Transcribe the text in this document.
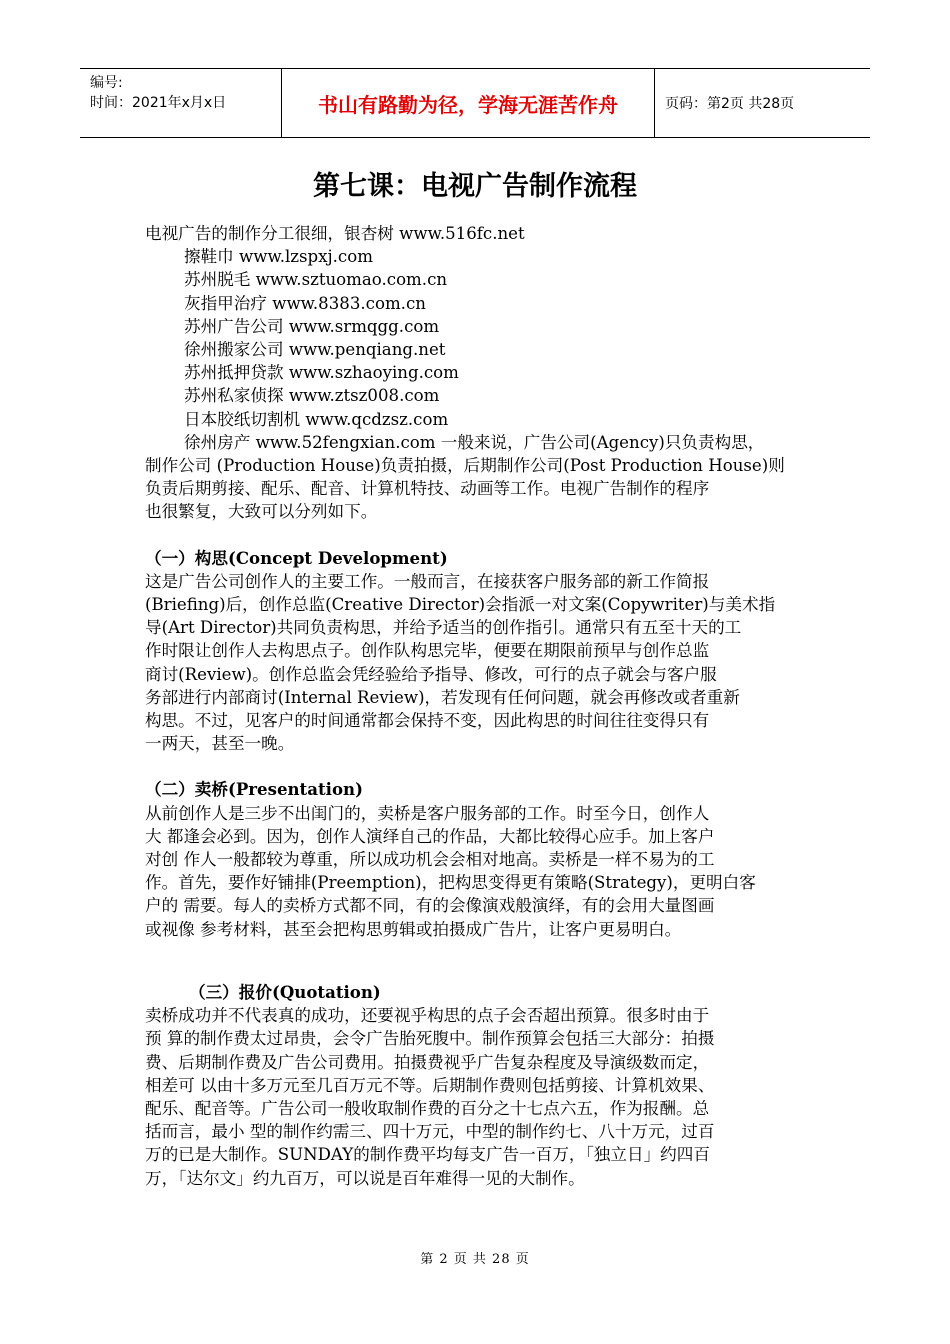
编号:
时间：2021年x月x日	书山有路勤为径，学海无涯苦作舟	页码：第2页 共28页
第七课：电视广告制作流程

电视广告的制作分工很细，银杏树 www.516fc.net

擦鞋巾 www.lzspxj.com

苏州脱毛 www.sztuomao.com.cn

灰指甲治疗 www.8383.com.cn

苏州广告公司 www.srmqgg.com

徐州搬家公司 www.penqiang.net

苏州抵押贷款 www.szhaoying.com

苏州私家侦探 www.ztsz008.com

日本胶纸切割机 www.qcdzsz.com

徐州房产 www.52fengxian.com 一般来说，广告公司(Agency)只负责构思，

制作公司 (Production House)负责拍摄，后期制作公司(Post Production House)则

负责后期剪接、配乐、配音、计算机特技、动画等工作。电视广告制作的程序

也很繁复，大致可以分列如下。

（一）构思(Concept Development)

这是广告公司创作人的主要工作。一般而言，在接获客户服务部的新工作简报

(Briefing)后，创作总监(Creative Director)会指派一对文案(Copywriter)与美术指

导(Art Director)共同负责构思，并给予适当的创作指引。通常只有五至十天的工

作时限让创作人去构思点子。创作队构思完毕，便要在期限前预早与创作总监

商讨(Review)。创作总监会凭经验给予指导、修改，可行的点子就会与客户服

务部进行内部商讨(Internal Review)，若发现有任何问题，就会再修改或者重新

构思。不过，见客户的时间通常都会保持不变，因此构思的时间往往变得只有

一两天，甚至一晚。

（二）卖桥(Presentation)

从前创作人是三步不出闺门的，卖桥是客户服务部的工作。时至今日，创作人

大 都逢会必到。因为，创作人演绎自己的作品，大都比较得心应手。加上客户

对创 作人一般都较为尊重，所以成功机会会相对地高。卖桥是一样不易为的工

作。首先，要作好铺排(Preemption)，把构思变得更有策略(Strategy)，更明白客

户的 需要。每人的卖桥方式都不同，有的会像演戏般演绎，有的会用大量图画

或视像 参考材料，甚至会把构思剪辑或拍摄成广告片，让客户更易明白。

（三）报价(Quotation)

卖桥成功并不代表真的成功，还要视乎构思的点子会否超出预算。很多时由于

预 算的制作费太过昂贵，会令广告胎死腹中。制作预算会包括三大部分：拍摄

费、后期制作费及广告公司费用。拍摄费视乎广告复杂程度及导演级数而定，

相差可 以由十多万元至几百万元不等。后期制作费则包括剪接、计算机效果、

配乐、配音等。广告公司一般收取制作费的百分之十七点六五，作为报酬。总

括而言，最小 型的制作约需三、四十万元，中型的制作约七、八十万元，过百

万的已是大制作。SUNDAY的制作费平均每支广告一百万，「独立日」约四百

万，「达尔文」约九百万，可以说是百年难得一见的大制作。

第 2 页 共 28 页
